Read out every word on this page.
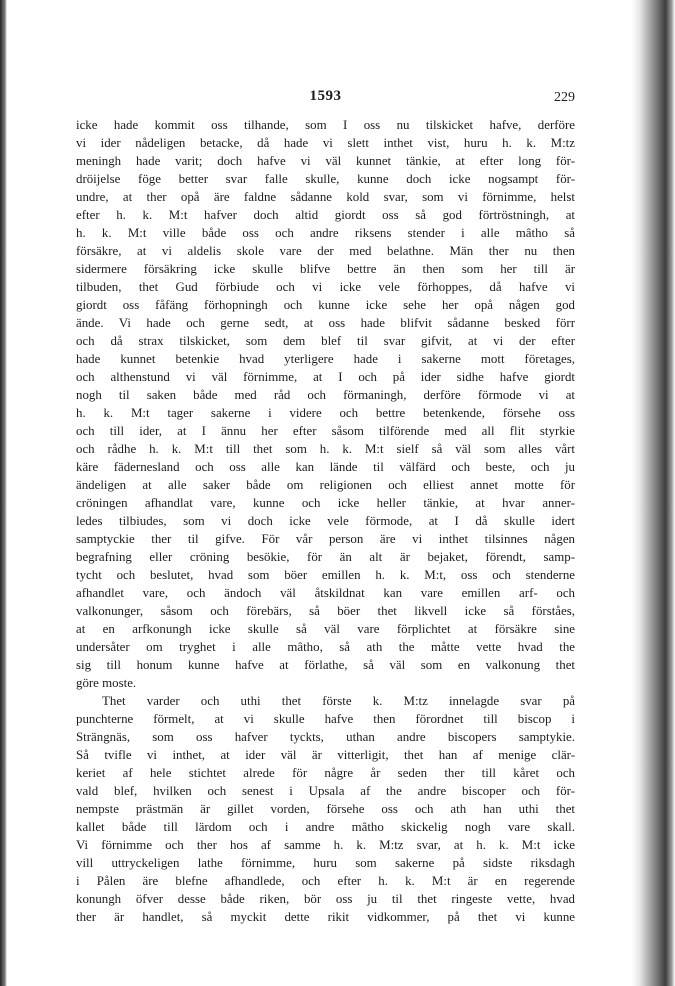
1593	229
icke hade kommit oss tilhande, som I oss nu tilskicket hafve, derföre
vi ider nådeligen betacke, då hade vi slett inthet vist, huru h. k. M:tz
meningh hade varit; doch hafve vi väl kunnet tänkie, at efter long för-
dröijelse föge better svar falle skulle, kunne doch icke nogsampt för-
undre, at ther opå äre faldne sådanne kold svar, som vi förnimme, helst
efter h. k. M:t hafver doch altid giordt oss så god förtröstningh, at
h. k. M:t ville både oss och andre riksens stender i alle mâtho så
försäkre, at vi aldelis skole vare der med belathne. Män ther nu then
sidermere försäkring icke skulle blifve bettre än then som her till är
tilbuden, thet Gud förbiude och vi icke vele förhoppes, då hafve vi
giordt oss fåfäng förhopningh och kunne icke sehe her opå någen god
ände. Vi hade och gerne sedt, at oss hade blifvit sådanne besked förr
och då strax tilskicket, som dem blef til svar gifvit, at vi der efter
hade kunnet betenkie hvad yterligere hade i sakerne mott företages,
och althenstund vi väl förnimme, at I och på ider sidhe hafve giordt
nogh til saken både med råd och förmaningh, derföre förmode vi at
h. k. M:t tager sakerne i videre och bettre betenkende, försehe oss
och till ider, at I ännu her efter såsom tilförende med all flit styrkie
och rådhe h. k. M:t till thet som h. k. M:t sielf så väl som alles vårt
käre fädernesland och oss alle kan lände til välfärd och beste, och ju
ändeligen at alle saker både om religionen och elliest annet motte för
cröningen afhandlat vare, kunne och icke heller tänkie, at hvar anner-
ledes tilbiudes, som vi doch icke vele förmode, at I då skulle idert
samptyckie ther til gifve. För vår person äre vi inthet tilsinnes någen
begrafning eller cröning besökie, för än alt är bejaket, förendt, samp-
tycht och beslutet, hvad som böer emillen h. k. M:t, oss och stenderne
afhandlet vare, och ändoch väl åtskildnat kan vare emillen arf- och
valkonunger, såsom och förebärs, så böer thet likvell icke så förståes,
at en arfkonungh icke skulle så väl vare förplichtet at försäkre sine
undersåter om tryghet i alle mâtho, så ath the måtte vette hvad the
sig till honum kunne hafve at förlathe, så väl som en valkonung thet
göre moste.
Thet varder och uthi thet förste k. M:tz innelagde svar på
punchterne förmelt, at vi skulle hafve then förordnet till biscop i
Strängnäs, som oss hafver tyckts, uthan andre biscopers samptykie.
Så tvifle vi inthet, at ider väl är vitterligit, thet han af menige clär-
keriet af hele stichtet alrede för någre år seden ther till kåret och
vald blef, hvilken och senest i Upsala af the andre biscoper och för-
nempste prästmän är gillet vorden, försehe oss och ath han uthi thet
kallet både till lärdom och i andre mâtho skickelig nogh vare skall.
Vi förnimme och ther hos af samme h. k. M:tz svar, at h. k. M:t icke
vill uttryckeligen lathe förnimme, huru som sakerne på sidste riksdagh
i Pålen äre blefne afhandlede, och efter h. k. M:t är en regerende
konungh öfver desse både riken, bör oss ju til thet ringeste vette, hvad
ther är handlet, så myckit dette rikit vidkommer, på thet vi kunne
